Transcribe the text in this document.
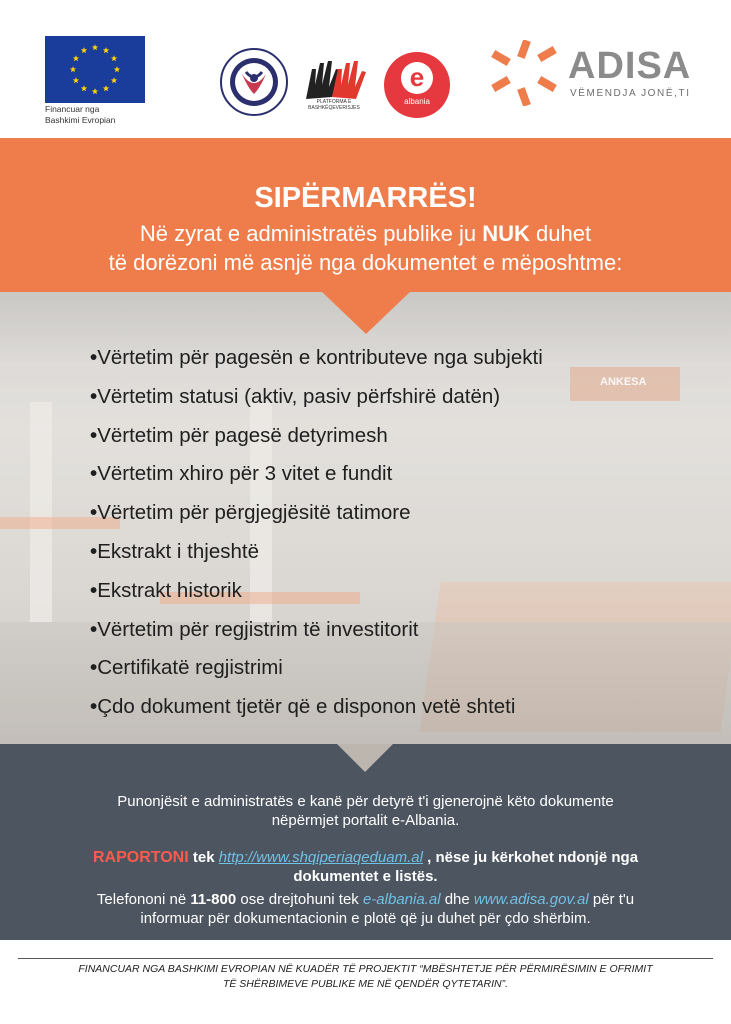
Financuar nga
Bashkimi Evropian
PLATFORMA E
BASHKËQEVERISJES
e
albania
ADISA
VËMENDJA JONË,TI
SIPËRMARRËS!
Në zyrat e administratës publike ju NUK duhet
të dorëzoni më asnjë nga dokumentet e mëposhtme:
ANKESA
• Vërtetim për pagesën e kontributeve nga subjekti
• Vërtetim statusi (aktiv, pasiv përfshirë datën)
• Vërtetim për pagesë detyrimesh
• Vërtetim xhiro për 3 vitet e fundit
• Vërtetim për përgjegjësitë tatimore
• Ekstrakt i thjeshtë
• Ekstrakt historik
• Vërtetim për regjistrim të investitorit
• Certifikatë regjistrimi
• Çdo dokument tjetër që e disponon vetë shteti

Punonjësit e administratës e kanë për detyrë t'i gjenerojnë këto dokumente
nëpërmjet portalit e-Albania.

RAPORTONI tek http://www.shqiperiaqeduam.al , nëse ju kërkohet ndonjë nga
dokumentet e listës.

Telefononi në 11-800 ose drejtohuni tek e-albania.al dhe www.adisa.gov.al për t'u
informuar për dokumentacionin e plotë që ju duhet për çdo shërbim.

FINANCUAR NGA BASHKIMI EVROPIAN NË KUADËR TË PROJEKTIT “MBËSHTETJE PËR PËRMIRËSIMIN E OFRIMIT
TË SHËRBIMEVE PUBLIKE ME NË QENDËR QYTETARIN”.
